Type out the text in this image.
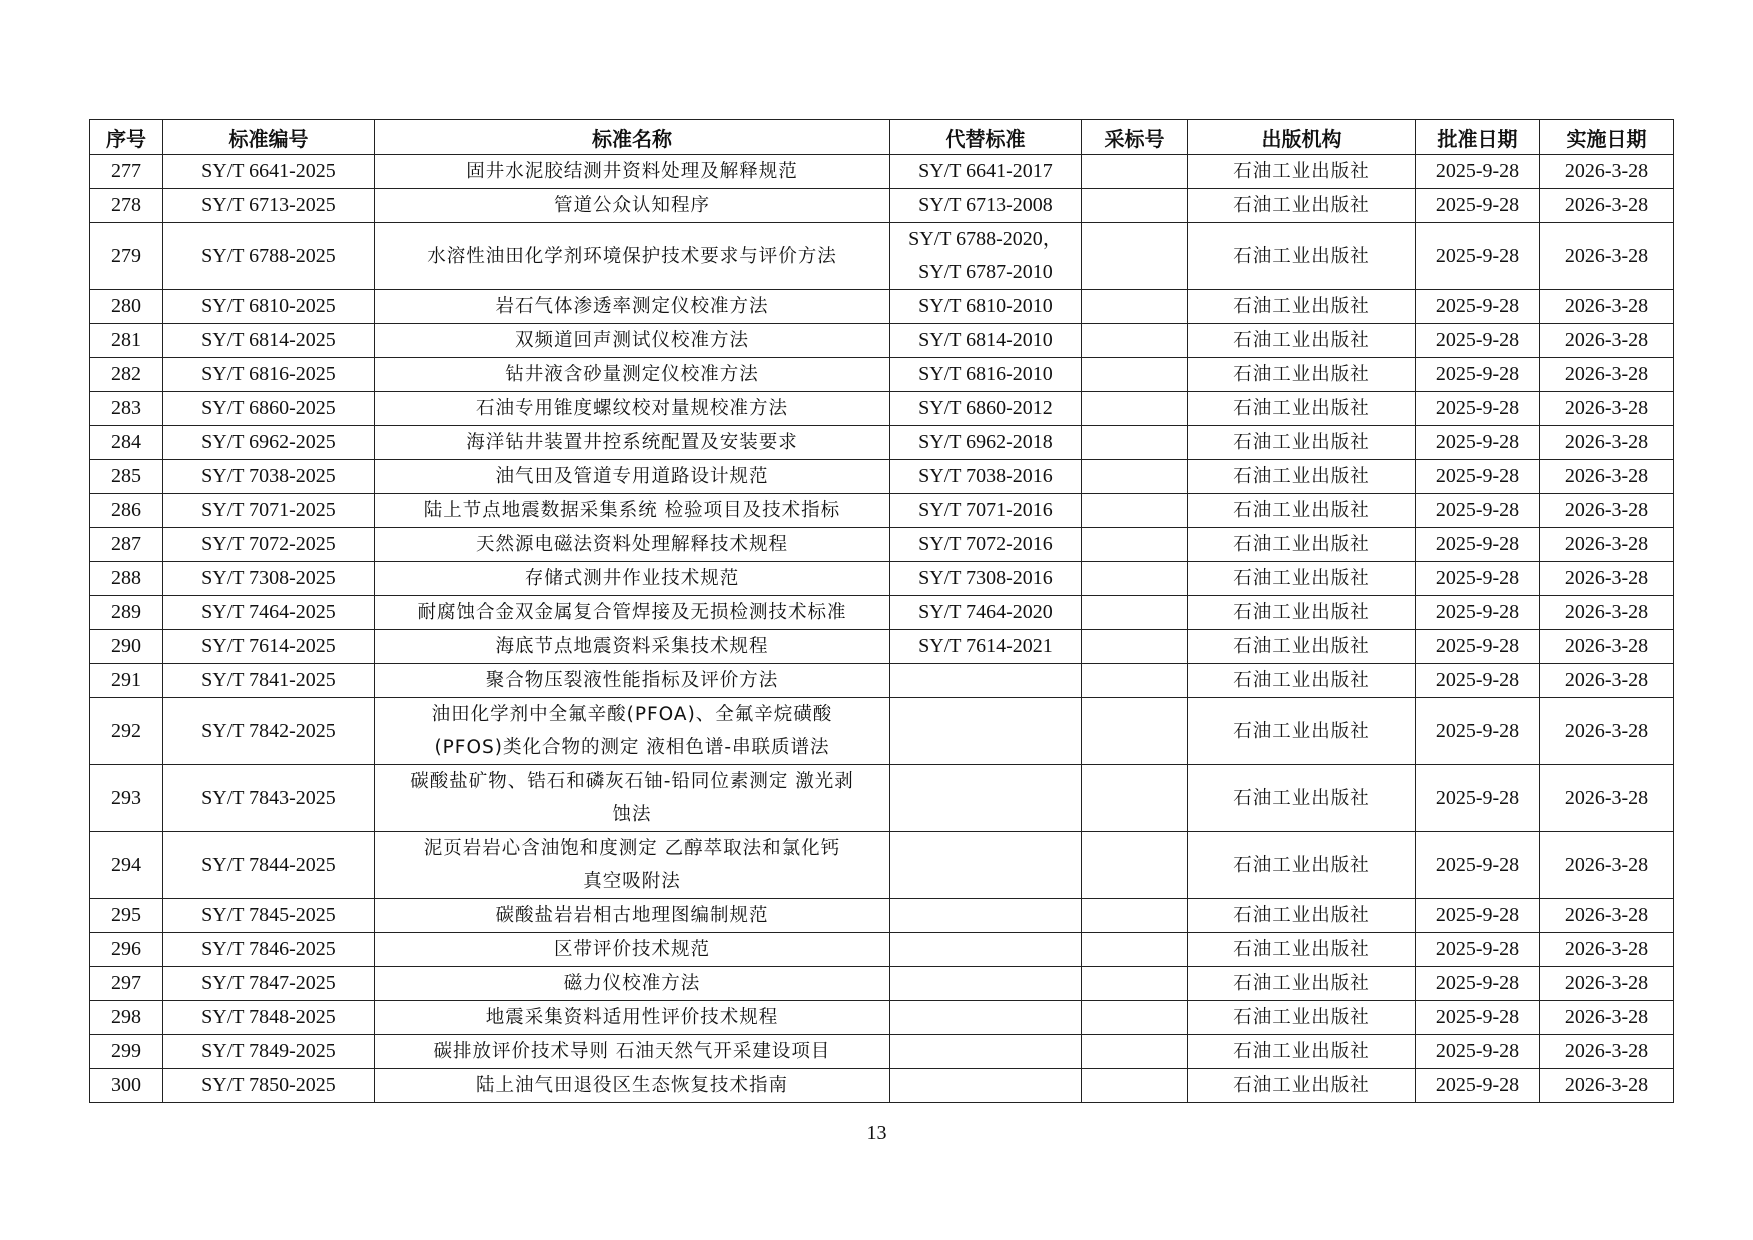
序号	标准编号	标准名称	代替标准	采标号	出版机构	批准日期	实施日期
277	SY/T 6641-2025	固井水泥胶结测井资料处理及解释规范	SY/T 6641-2017		石油工业出版社	2025-9-28	2026-3-28
278	SY/T 6713-2025	管道公众认知程序	SY/T 6713-2008		石油工业出版社	2025-9-28	2026-3-28
279	SY/T 6788-2025	水溶性油田化学剂环境保护技术要求与评价方法	SY/T 6788-2020，
SY/T 6787-2010		石油工业出版社	2025-9-28	2026-3-28
280	SY/T 6810-2025	岩石气体渗透率测定仪校准方法	SY/T 6810-2010		石油工业出版社	2025-9-28	2026-3-28
281	SY/T 6814-2025	双频道回声测试仪校准方法	SY/T 6814-2010		石油工业出版社	2025-9-28	2026-3-28
282	SY/T 6816-2025	钻井液含砂量测定仪校准方法	SY/T 6816-2010		石油工业出版社	2025-9-28	2026-3-28
283	SY/T 6860-2025	石油专用锥度螺纹校对量规校准方法	SY/T 6860-2012		石油工业出版社	2025-9-28	2026-3-28
284	SY/T 6962-2025	海洋钻井装置井控系统配置及安装要求	SY/T 6962-2018		石油工业出版社	2025-9-28	2026-3-28
285	SY/T 7038-2025	油气田及管道专用道路设计规范	SY/T 7038-2016		石油工业出版社	2025-9-28	2026-3-28
286	SY/T 7071-2025	陆上节点地震数据采集系统 检验项目及技术指标	SY/T 7071-2016		石油工业出版社	2025-9-28	2026-3-28
287	SY/T 7072-2025	天然源电磁法资料处理解释技术规程	SY/T 7072-2016		石油工业出版社	2025-9-28	2026-3-28
288	SY/T 7308-2025	存储式测井作业技术规范	SY/T 7308-2016		石油工业出版社	2025-9-28	2026-3-28
289	SY/T 7464-2025	耐腐蚀合金双金属复合管焊接及无损检测技术标准	SY/T 7464-2020		石油工业出版社	2025-9-28	2026-3-28
290	SY/T 7614-2025	海底节点地震资料采集技术规程	SY/T 7614-2021		石油工业出版社	2025-9-28	2026-3-28
291	SY/T 7841-2025	聚合物压裂液性能指标及评价方法			石油工业出版社	2025-9-28	2026-3-28
292	SY/T 7842-2025	油田化学剂中全氟辛酸(PFOA)、全氟辛烷磺酸
(PFOS)类化合物的测定 液相色谱-串联质谱法			石油工业出版社	2025-9-28	2026-3-28
293	SY/T 7843-2025	碳酸盐矿物、锆石和磷灰石铀-铅同位素测定 激光剥
蚀法			石油工业出版社	2025-9-28	2026-3-28
294	SY/T 7844-2025	泥页岩岩心含油饱和度测定 乙醇萃取法和氯化钙
真空吸附法			石油工业出版社	2025-9-28	2026-3-28
295	SY/T 7845-2025	碳酸盐岩岩相古地理图编制规范			石油工业出版社	2025-9-28	2026-3-28
296	SY/T 7846-2025	区带评价技术规范			石油工业出版社	2025-9-28	2026-3-28
297	SY/T 7847-2025	磁力仪校准方法			石油工业出版社	2025-9-28	2026-3-28
298	SY/T 7848-2025	地震采集资料适用性评价技术规程			石油工业出版社	2025-9-28	2026-3-28
299	SY/T 7849-2025	碳排放评价技术导则 石油天然气开采建设项目			石油工业出版社	2025-9-28	2026-3-28
300	SY/T 7850-2025	陆上油气田退役区生态恢复技术指南			石油工业出版社	2025-9-28	2026-3-28
13
